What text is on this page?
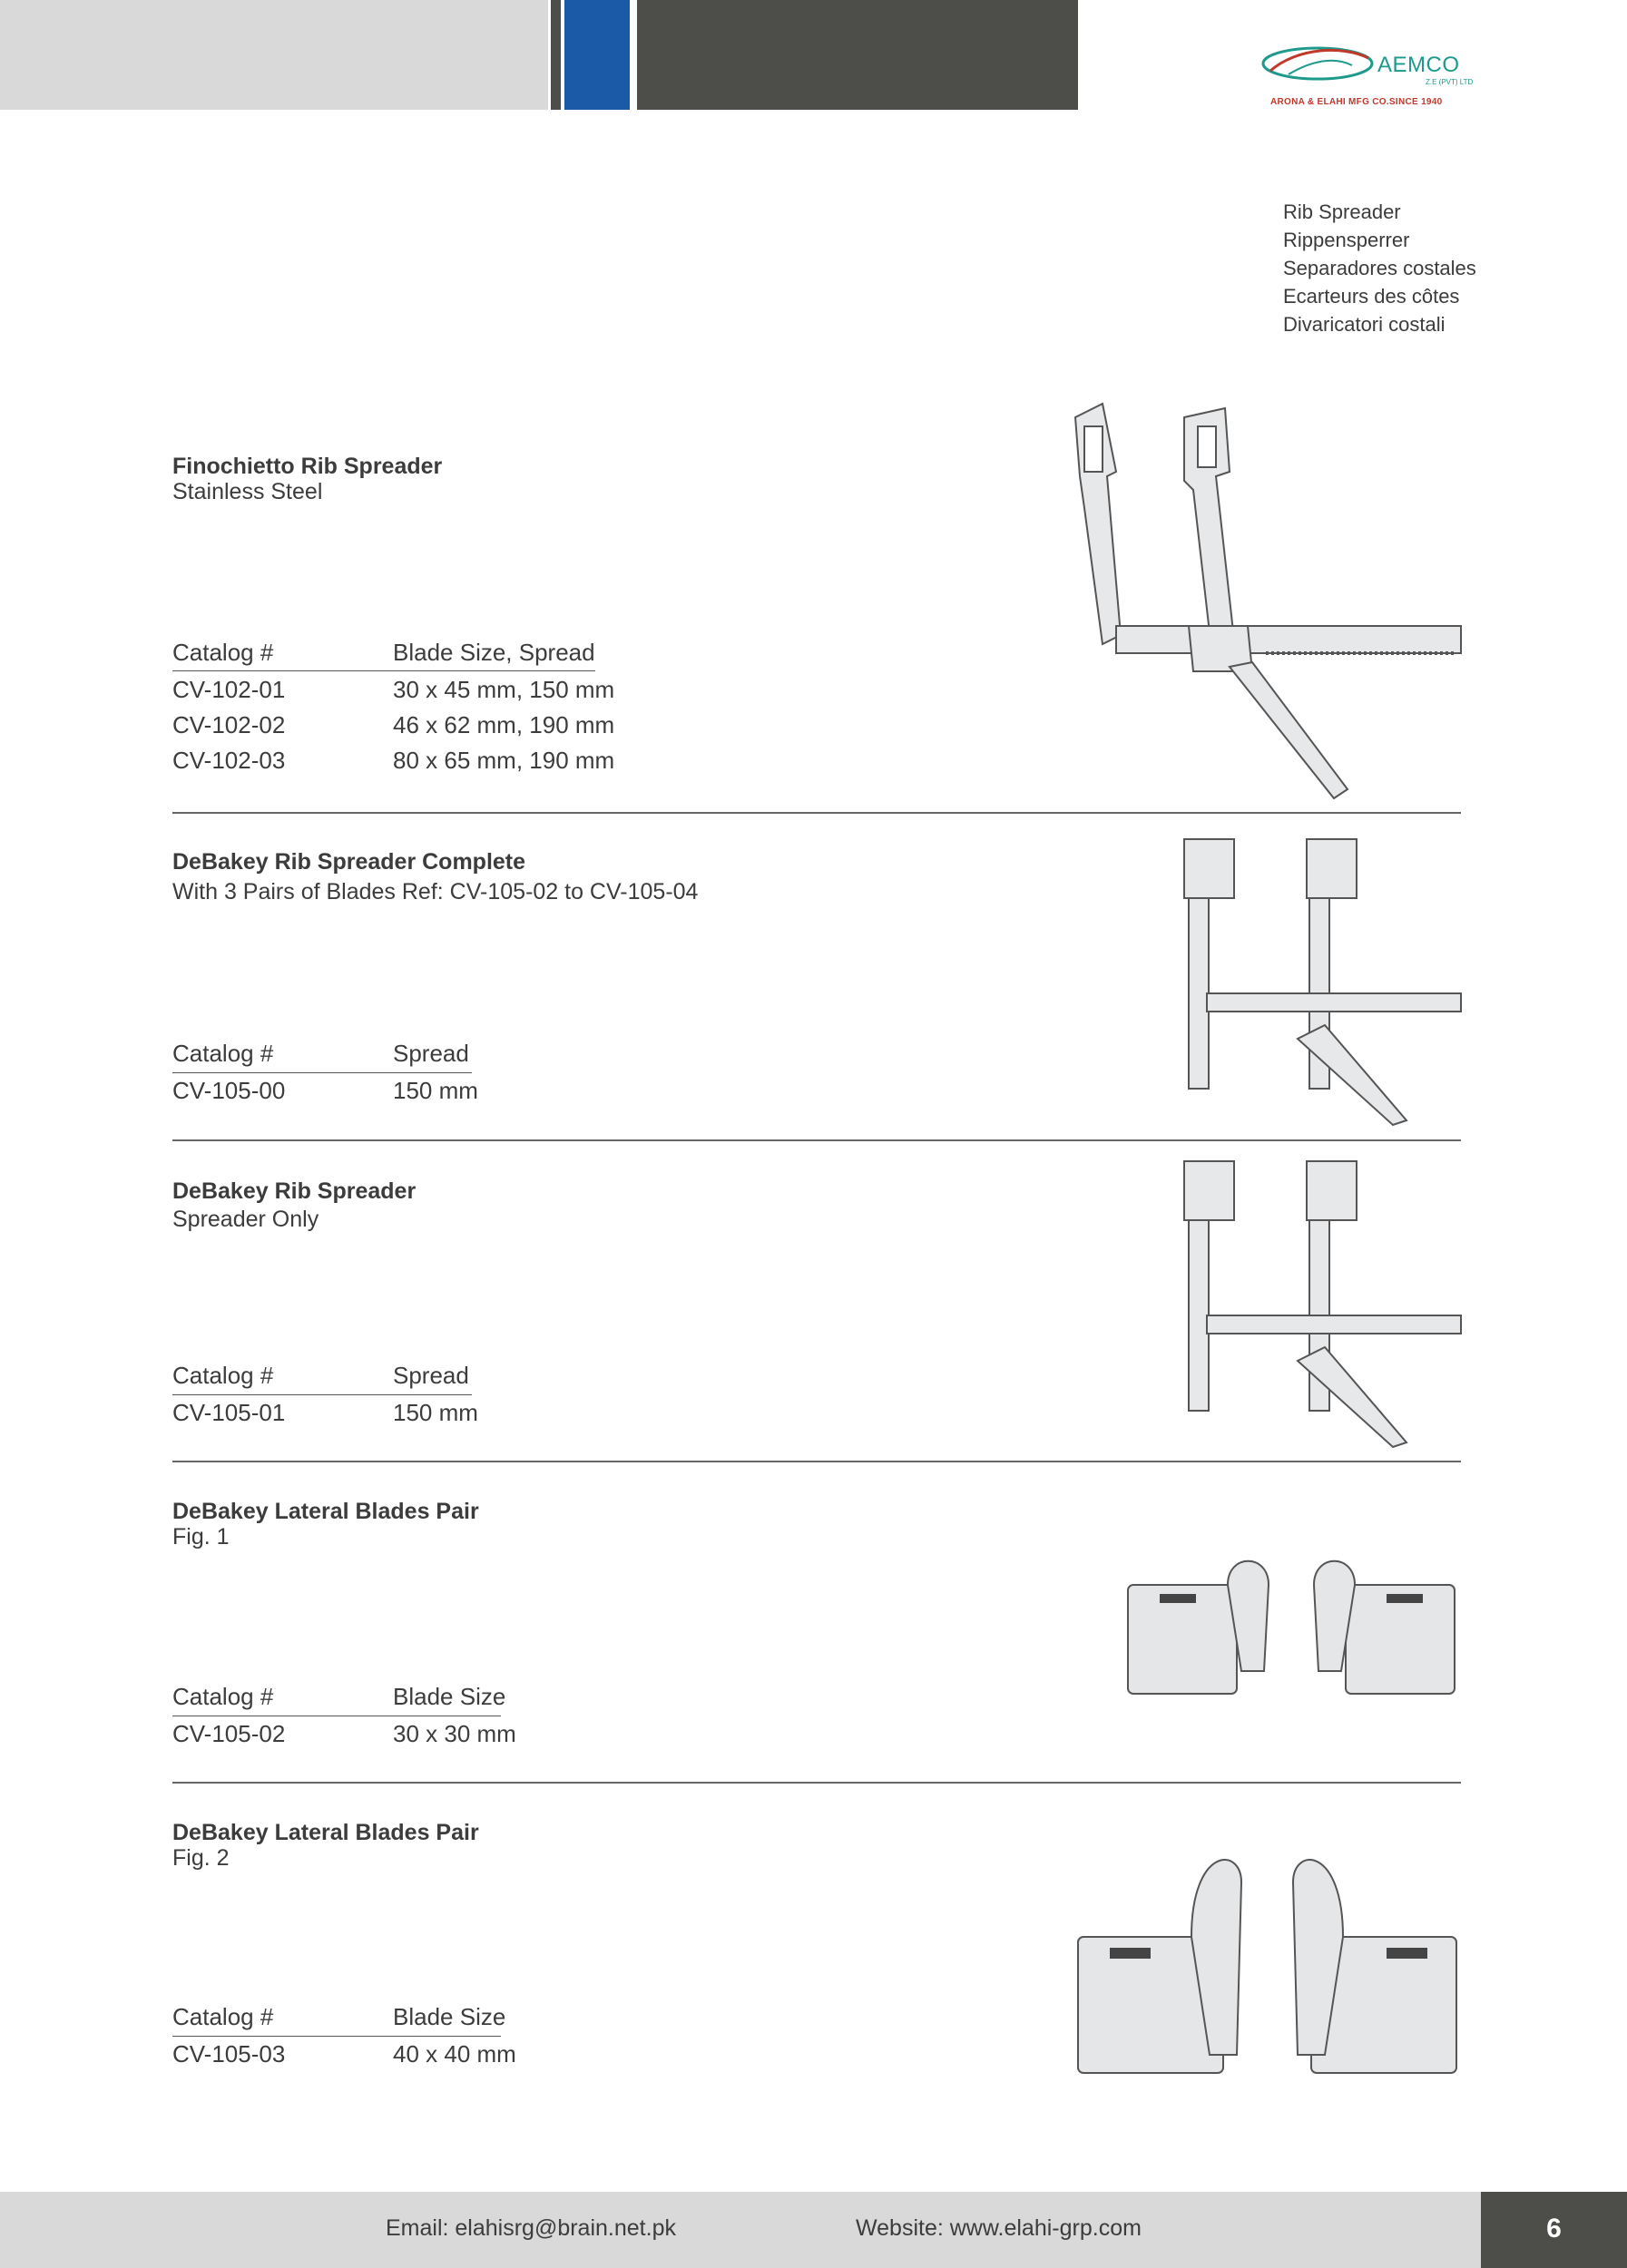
AEMCO
Z.E (PVT) LTD
ARONA & ELAHI MFG CO.SINCE 1940
Rib Spreader
Rippensperrer
Separadores costales
Ecarteurs des côtes
Divaricatori costali
Finochietto Rib Spreader
Stainless Steel
Catalog #	Blade Size, Spread
CV-102-01	30 x 45 mm, 150 mm
CV-102-02	46 x 62 mm, 190 mm
CV-102-03	80 x 65 mm, 190 mm
DeBakey Rib Spreader Complete
With 3 Pairs of Blades Ref: CV-105-02 to CV-105-04
Catalog #	Spread
CV-105-00	150 mm
DeBakey Rib Spreader
Spreader Only
Catalog #	Spread
CV-105-01	150 mm
DeBakey Lateral Blades Pair
Fig. 1
Catalog #	Blade Size
CV-105-02	30 x 30 mm
DeBakey Lateral Blades Pair
Fig. 2
Catalog #	Blade Size
CV-105-03	40 x 40 mm
Email: elahisrg@brain.net.pk	Website: www.elahi-grp.com	6
